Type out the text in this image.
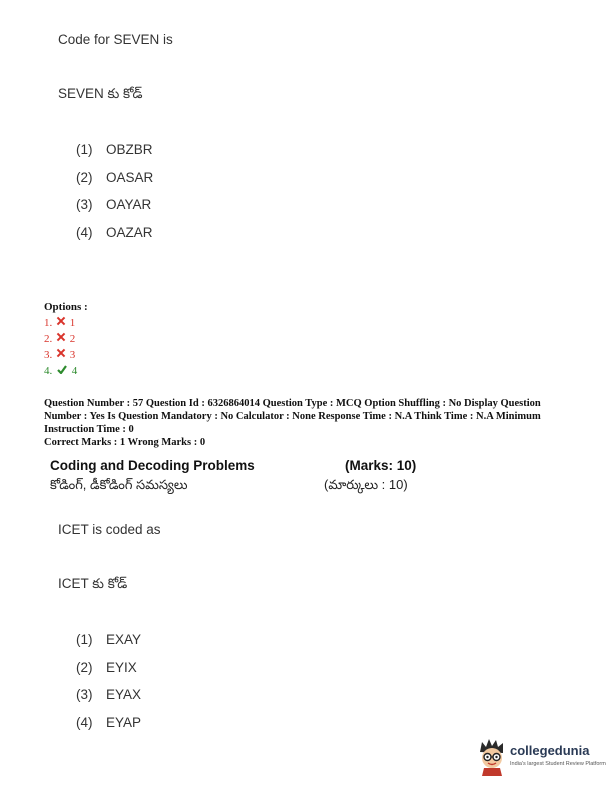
Code for SEVEN is
SEVEN కు కోడ్
(1) OBZBR
(2) OASAR
(3) OAYAR
(4) OAZAR
Options :
1. 1
2. 2
3. 3
4. 4
Question Number : 57 Question Id : 6326864014 Question Type : MCQ Option Shuffling : No Display Question
Number : Yes Is Question Mandatory : No Calculator : None Response Time : N.A Think Time : N.A Minimum
Instruction Time : 0
Correct Marks : 1 Wrong Marks : 0
Coding and Decoding Problems	(Marks: 10)
కోడింగ్, డీకోడింగ్ సమస్యలు	(మార్కులు : 10)
ICET is coded as
ICET కు కోడ్
(1) EXAY
(2) EYIX
(3) EYAX
(4) EYAP
collegedunia
India's largest Student Review Platform
